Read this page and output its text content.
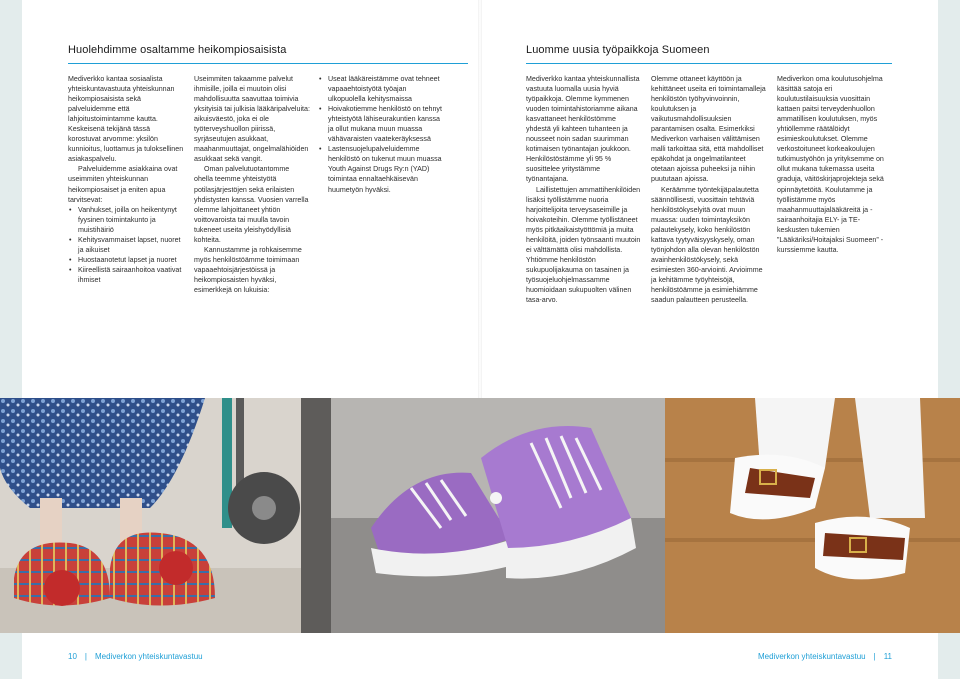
Huolehdimme osaltamme heikompiosaisista

Mediverkko kantaa sosiaalista yhteiskuntavastuuta yhteiskunnan heikompiosaisista sekä palveluidemme että lahjoitustoimintamme kautta. Keskeisenä tekijänä tässä korostuvat arvomme: yksilön kunnioitus, luottamus ja tuloksellinen asiakaspalvelu.

Palveluidemme asiakkaina ovat useimmiten yhteiskunnan heikompiosaiset ja eniten apua tarvitsevat:

• Vanhukset, joilla on heikentynyt fyysinen toimintakunto ja muistihäiriö
• Kehitysvammaiset lapset, nuoret ja aikuiset
• Huostaanotetut lapset ja nuoret
• Kiireellistä sairaanhoitoa vaativat ihmiset

Useimmiten takaamme palvelut ihmisille, joilla ei muutoin olisi mahdollisuutta saavuttaa toimivia yksityisiä tai julkisia lääkäripalveluita: aikuisväestö, joka ei ole työterveyshuollon piirissä, syrjäseutujen asukkaat, maahanmuuttajat, ongelmalähiöiden asukkaat sekä vangit.

Oman palvelutuotantomme ohella teemme yhteistyötä potilasjärjestöjen sekä erilaisten yhdistysten kanssa. Vuosien varrella olemme lahjoittaneet yhtiön voittovaroista tai muulla tavoin tukeneet useita yleishyödyllisiä kohteita.

Kannustamme ja rohkaisemme myös henkilöstöämme toimimaan vapaaehtoisjärjestöissä ja heikompiosaisten hyväksi, esimerkkejä on lukuisia:

• Useat lääkäreistämme ovat tehneet vapaaehtoistyötä työajan ulkopuolella kehitysmaissa
• Hoivakotiemme henkilöstö on tehnyt yhteistyötä lähiseurakuntien kanssa ja ollut mukana muun muassa vähävaraisten vaatekeräyksessä
• Lastensuojelupalveluidemme henkilöstö on tukenut muun muassa Youth Against Drugs Ry:n (YAD) toimintaa ennaltaehkäisevän huumetyön hyväksi.
Luomme uusia työpaikkoja Suomeen

Mediverkko kantaa yhteiskunnallista vastuuta luomalla uusia hyviä työpaikkoja. Olemme kymmenen vuoden toimintahistoriamme aikana kasvattaneet henkilöstömme yhdestä yli kahteen tuhanteen ja nousseet noin sadan suurimman kotimaisen työnantajan joukkoon. Henkilöstöstämme yli 95 % suosittelee yritystämme työnantajana.

Laillistettujen ammattihenkilöiden lisäksi työllistämme nuoria harjoittelijoita terveysaseimille ja hoivakoteihin. Olemme työllistäneet myös pitkäaikaistyöttömiä ja muita henkilöitä, joiden työnsaanti muutoin ei välttämättä olisi mahdollista. Yhtiömme henkilöstön sukupuolijakauma on tasainen ja työsuojeluohjelmassamme huomioidaan sukupuolten välinen tasa-arvo.

Olemme ottaneet käyttöön ja kehittäneet useita eri toimintamalleja henkilöstön työhyvinvoinnin, koulutuksen ja vaikutusmahdollisuuksien parantamisen osalta. Esimerkiksi Mediverkon varhaisen välittämisen malli tarkoittaa sitä, että mahdolliset epäkohdat ja ongelmatilanteet otetaan ajoissa puheeksi ja niihin puututaan ajoissa.

Keräämme työntekijäpalautetta säännöllisesti, vuosittain tehtäviä henkilöstökyselyitä ovat muun muassa: uuden toimintayksikön palautekysely, koko henkilöstön kattava tyytyväisyyskysely, oman työnjohdon alla olevan henkilöstön avainhenkilöstökysely, sekä esimiesten 360-arviointi. Arvioimme ja kehitämme työyhteisöjä, henkilöstöämme ja esimiehiämme saadun palautteen perusteella.

Mediverkon oma koulutusohjelma käsittää satoja eri koulutustilaisuuksia vuosittain kattaen paitsi terveydenhuollon ammatillisen koulutuksen, myös yhtiöllemme räätälöidyt esimieskoulutukset. Olemme verkostoituneet korkeakoulujen tutkimustyöhön ja yrityksemme on ollut mukana tukemassa useita graduja, väitöskirjaprojekteja sekä opinnäytetöitä. Koulutamme ja työllistämme myös maahanmuuttajalääkäreitä ja -sairaanhoitajia ELY- ja TE-keskusten tukemien ”Lääkäriksi/Hoitajaksi Suomeen” -kurssiemme kautta.

10 | Mediverkon yhteiskuntavastuu	Mediverkon yhteiskuntavastuu | 11
